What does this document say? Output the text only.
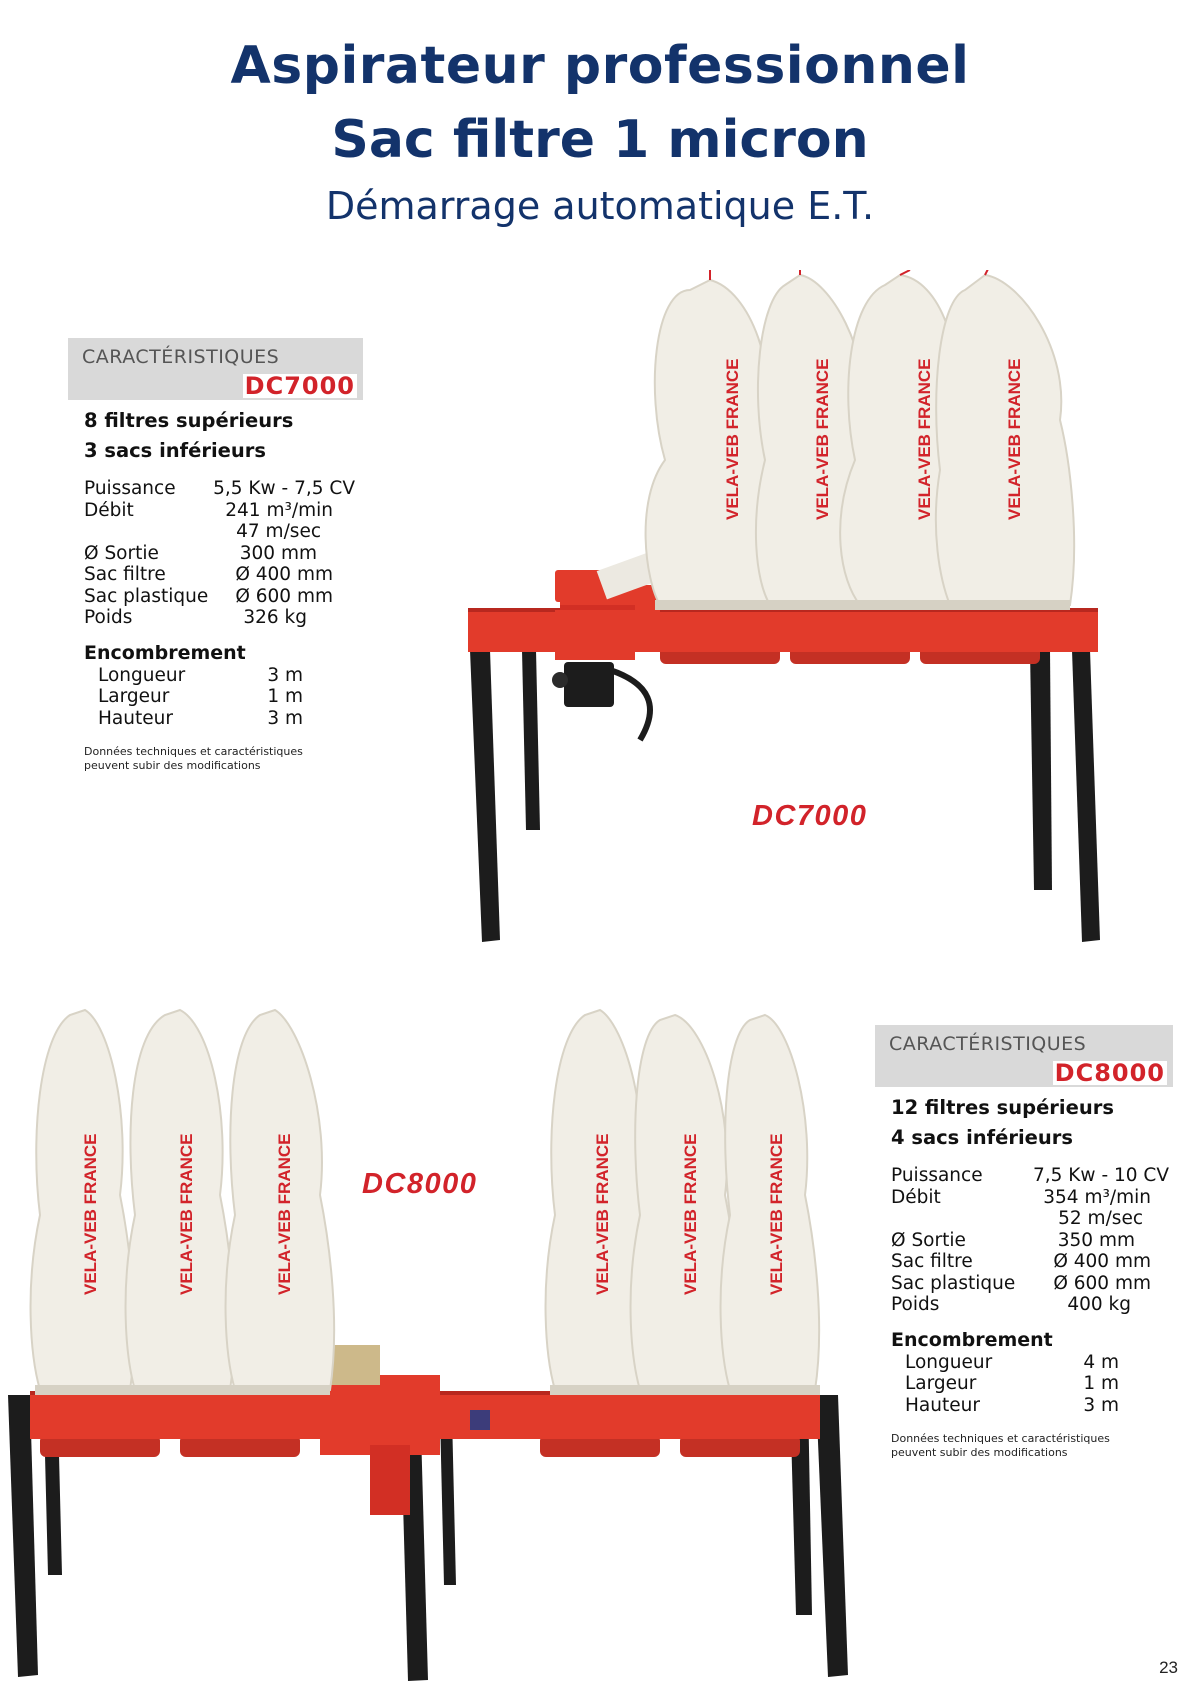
Aspirateur professionnel
Sac filtre 1 micron
Démarrage automatique E.T.
CARACTÉRISTIQUES
DC7000
8 filtres supérieurs
3 sacs inférieurs
Puissance 5,5 Kw - 7,5 CV
Débit	241 m³/min
47 m/sec
Ø Sortie	300 mm
Sac filtre	Ø 400 mm
Sac plastique Ø 600 mm
Poids	326 kg
Encombrement
Longueur	3 m
Largeur	1 m
Hauteur	3 m
Données techniques et caractéristiques peuvent subir des modifications
VELA-VEB FRANCE	VELA-VEB FRANCE	VELA-VEB FRANCE	VELA-VEB FRANCE
DC7000
VELA-VEB FRANCE	VELA-VEB FRANCE	VELA-VEB FRANCE	VELA-VEB FRANCE	VELA-VEB FRANCE	VELA-VEB FRANCE
DC8000
CARACTÉRISTIQUES
DC8000
12 filtres supérieurs
4 sacs inférieurs
Puissance	7,5 Kw - 10 CV
Débit	354 m³/min
52 m/sec
Ø Sortie	350 mm
Sac filtre	Ø 400 mm
Sac plastique Ø 600 mm
Poids	400 kg
Encombrement
Longueur	4 m
Largeur	1 m
Hauteur	3 m
Données techniques et caractéristiques peuvent subir des modifications
23
